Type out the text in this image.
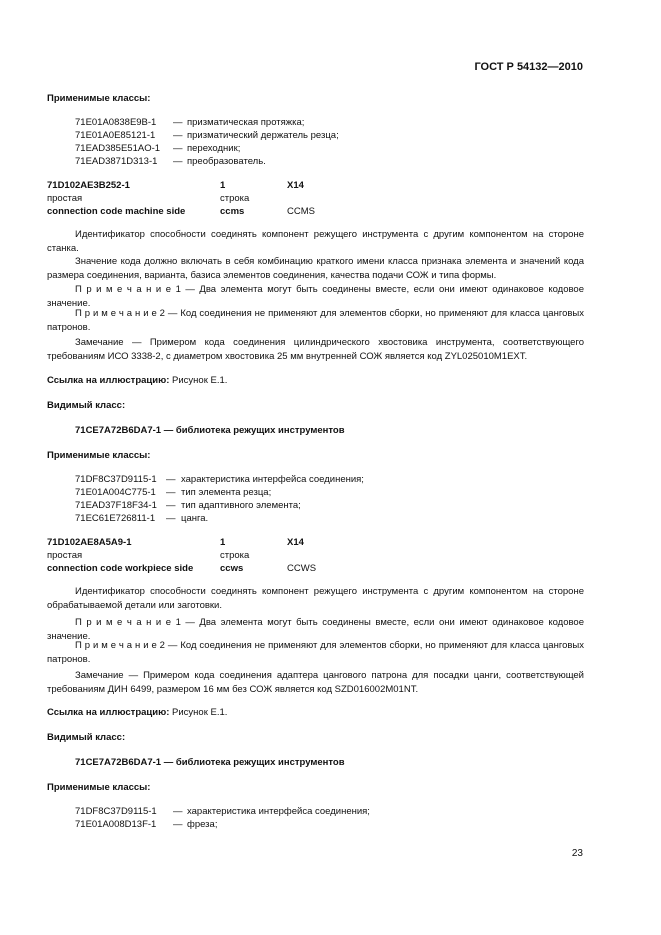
ГОСТ Р 54132—2010
Применимые классы:
71E01A0838E9B-1 — призматическая протяжка;
71E01A0E85121-1 — призматический держатель резца;
71EAD385E51AO-1 — переходник;
71EAD3871D313-1 — преобразователь.
71D102AE3B252-1	1	X14
простая	строка
connection code machine side	ccms	CCMS
Идентификатор способности соединять компонент режущего инструмента с другим компонентом на стороне станка.
Значение кода должно включать в себя комбинацию краткого имени класса признака элемента и значений кода размера соединения, варианта, базиса элементов соединения, качества подачи СОЖ и типа формы.
П р и м е ч а н и е 1 — Два элемента могут быть соединены вместе, если они имеют одинаковое кодовое значение.
П р и м е ч а н и е 2 — Код соединения не применяют для элементов сборки, но применяют для класса цанговых патронов.
Замечание — Примером кода соединения цилиндрического хвостовика инструмента, соответствующего требованиям ИСО 3338-2, с диаметром хвостовика 25 мм внутренней СОЖ является код ZYL025010M1EXT.
Ссылка на иллюстрацию: Рисунок Е.1.
Видимый класс:
71CE7A72B6DA7-1 — библиотека режущих инструментов
Применимые классы:
71DF8C37D9115-1 — характеристика интерфейса соединения;
71E01A004C775-1 — тип элемента резца;
71EAD37F18F34-1 — тип адаптивного элемента;
71EC61E726811-1 — цанга.
71D102AE8A5A9-1	1	X14
простая	строка
connection code workpiece side	ccws	CCWS
Идентификатор способности соединять компонент режущего инструмента с другим компонентом на стороне обрабатываемой детали или заготовки.
П р и м е ч а н и е 1 — Два элемента могут быть соединены вместе, если они имеют одинаковое кодовое значение.
П р и м е ч а н и е 2 — Код соединения не применяют для элементов сборки, но применяют для класса цанговых патронов.
Замечание — Примером кода соединения адаптера цангового патрона для посадки цанги, соответствующей требованиям ДИН 6499, размером 16 мм без СОЖ является код SZD016002M01NT.
Ссылка на иллюстрацию: Рисунок Е.1.
Видимый класс:
71CE7A72B6DA7-1 — библиотека режущих инструментов
Применимые классы:
71DF8C37D9115-1 — характеристика интерфейса соединения;
71E01A008D13F-1 — фреза;
23
